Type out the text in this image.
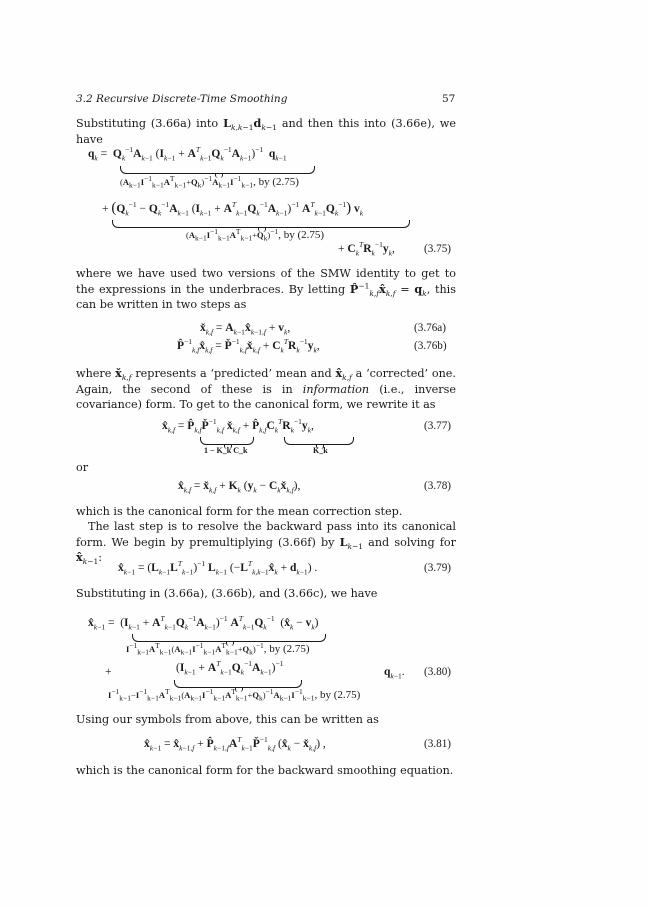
3.2 Recursive Discrete-Time Smoothing	57
Substituting (3.66a) into $L_{k,k-1}d_{k-1}$ and then this into (3.66e), we have
$q_k = Q_k^{-1}A_{k-1}$ $(I_{k-1} + A^T_{k-1}Q_k^{-1}A_{k-1})^{-1}$ $q_{k-1}$
$(A_{k-1}I^{-1}_{k-1}A^T_{k-1}+Q_k)^{-1}A_{k-1}I^{-1}_{k-1}$, by (2.75)
+ ($Q_k^{-1} - Q_k^{-1}A_{k-1}$ $(I_{k-1} + A^T_{k-1}Q_k^{-1}A_{k-1})^{-1}$ $A^T_{k-1}Q_k^{-1}$) $v_k$
$(A_{k-1}I^{-1}_{k-1}A^T_{k-1}+Q_k)^{-1}$, by (2.75)
+ $C_k^TR_k^{-1}y_k$,	(3.75)
where we have used two versions of the SMW identity to get to the expressions in the underbraces. By letting $P̂^{-1}_{k,f}x̂_{k,f} = q_k$, this can be written in two steps as
$x̌_{k,f}$ = $A_{k-1}x̂_{k-1,f} + v_k$,	(3.76a)
$P̂^{-1}_{k,f}x̂_{k,f}$ = $P̌^{-1}_{k,f}x̌_{k,f} + C_k^TR_k^{-1}y_k$,	(3.76b)
where $x̌_{k,f}$ represents a ‘predicted’ mean and $x̂_{k,f}$ a ‘corrected’ one. Again, the second of these is in information (i.e., inverse covariance) form. To get to the canonical form, we rewrite it as
$x̂_{k,f}$ = $P̂_{k,f}P̌^{-1}_{k,f}$ $x̌_{k,f}$ + $P̂_{k,f}C_k^TR_k^{-1}y_k$,
1 − K_k C_k	K_k
(3.77)
or
$x̂_{k,f}$ = $x̌_{k,f} + K_k$ ($y_k$ − $C_kx̌_{k,f}$),	(3.78)
which is the canonical form for the mean correction step.
The last step is to resolve the backward pass into its canonical form. We begin by premultiplying (3.66f) by $L_{k-1}$ and solving for $x̂_{k-1}$:
$x̂_{k-1} = (L_{k-1}L^T_{k-1})^{-1}$ $L_{k-1}$ $(-L^T_{k,k-1}x̂_k + d_{k-1})$ .	(3.79)
Substituting in (3.66a), (3.66b), and (3.66c), we have
$x̂_{k-1} = (I_{k-1} + A^T_{k-1}Q_k^{-1}A_{k-1})^{-1}$ $A^T_{k-1}Q_k^{-1}$  $(x̂_k - v_k)$
$I^{-1}_{k-1}A^T_{k-1}(A_{k-1}I^{-1}_{k-1}A^T_{k-1}+Q_k)^{-1}$, by (2.75)
+	$(I_{k-1} + A^T_{k-1}Q_k^{-1}A_{k-1})^{-1}$
$q_{k-1}$.
$I^{-1}_{k-1}-I^{-1}_{k-1}A^T_{k-1}(A_{k-1}I^{-1}_{k-1}A^T_{k-1}+Q_k)^{-1}A_{k-1}I^{-1}_{k-1}$, by (2.75)
(3.80)
Using our symbols from above, this can be written as
$x̂_{k-1}$ = $x̂_{k-1,f}$ + $P̂_{k-1,f}A^T_{k-1}P̌^{-1}_{k,f}$ ($x̂_k$ − $x̌_{k,f}$) ,	(3.81)
which is the canonical form for the backward smoothing equation.
